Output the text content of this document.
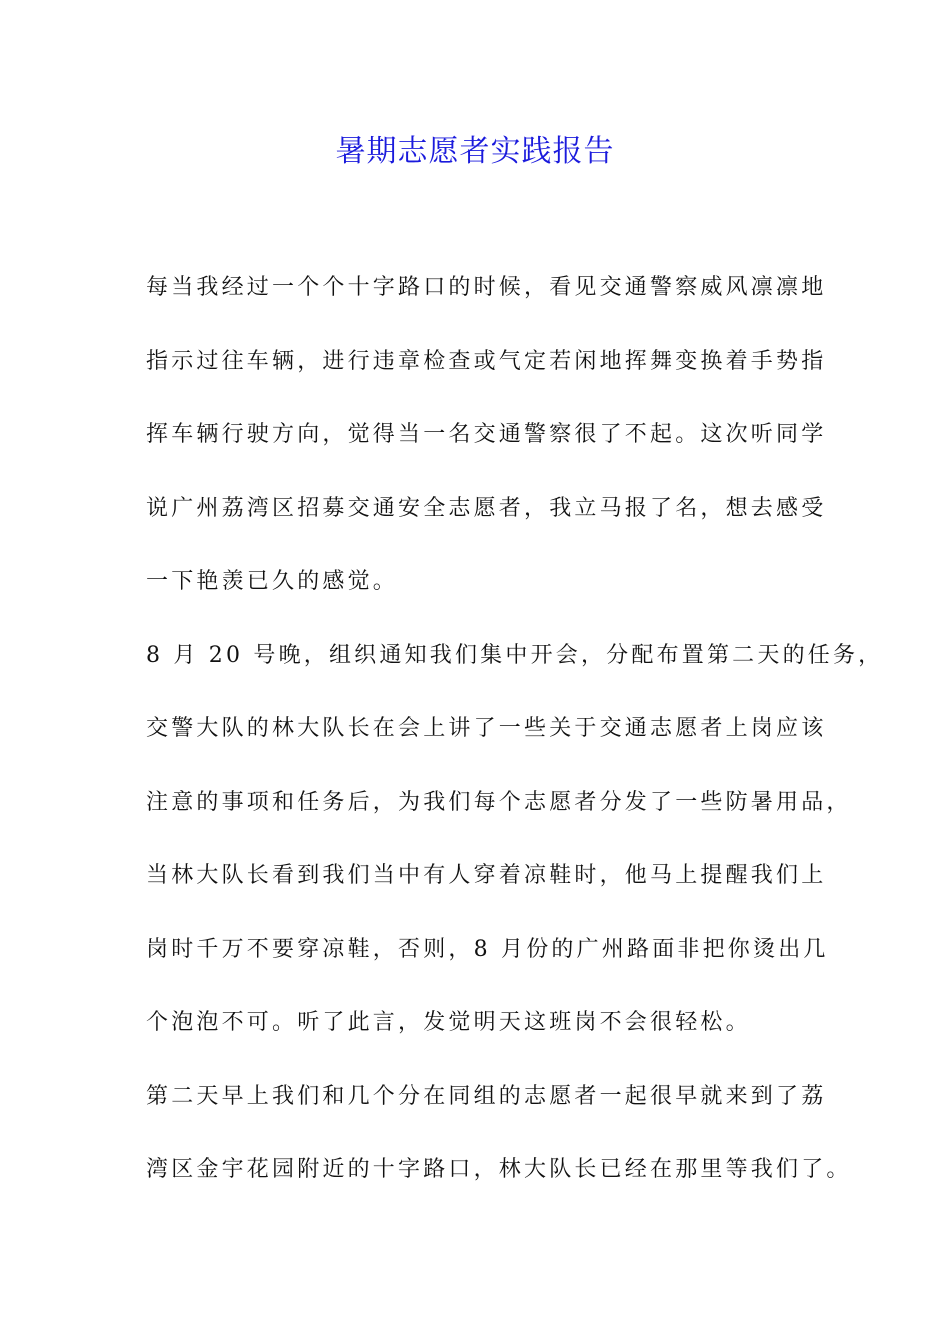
暑期志愿者实践报告
每当我经过一个个十字路口的时候，看见交通警察威风凛凛地
指示过往车辆，进行违章检查或气定若闲地挥舞变换着手势指
挥车辆行驶方向，觉得当一名交通警察很了不起。这次听同学
说广州荔湾区招募交通安全志愿者，我立马报了名，想去感受
一下艳羡已久的感觉。
8 月 20 号晚，组织通知我们集中开会，分配布置第二天的任务，
交警大队的林大队长在会上讲了一些关于交通志愿者上岗应该
注意的事项和任务后，为我们每个志愿者分发了一些防暑用品，
当林大队长看到我们当中有人穿着凉鞋时，他马上提醒我们上
岗时千万不要穿凉鞋，否则，8 月份的广州路面非把你烫出几
个泡泡不可。听了此言，发觉明天这班岗不会很轻松。
第二天早上我们和几个分在同组的志愿者一起很早就来到了荔
湾区金宇花园附近的十字路口，林大队长已经在那里等我们了。
